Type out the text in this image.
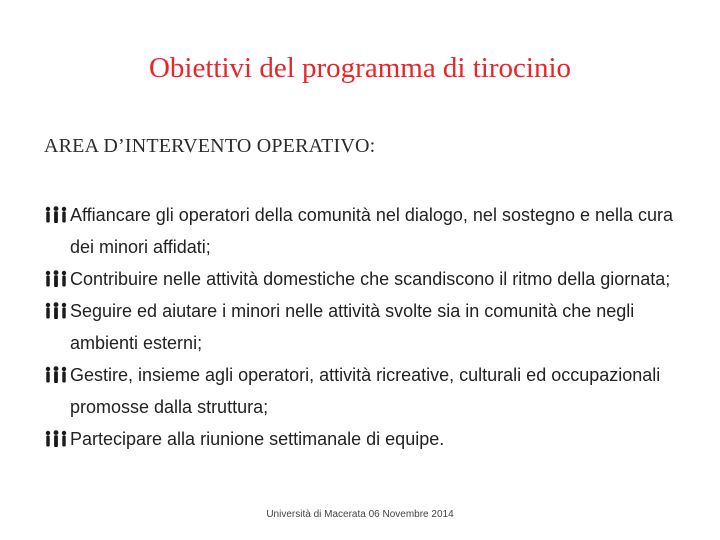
Obiettivi del programma di tirocinio
AREA D’INTERVENTO OPERATIVO:
Affiancare gli operatori della comunità nel dialogo, nel sostegno e nella cura dei minori affidati;
Contribuire nelle attività domestiche che scandiscono il ritmo della giornata;
Seguire ed aiutare i minori nelle attività svolte sia in comunità che negli ambienti esterni;
Gestire, insieme agli operatori, attività ricreative, culturali ed occupazionali promosse dalla struttura;
Partecipare alla riunione settimanale di equipe.
Università di Macerata 06 Novembre 2014
